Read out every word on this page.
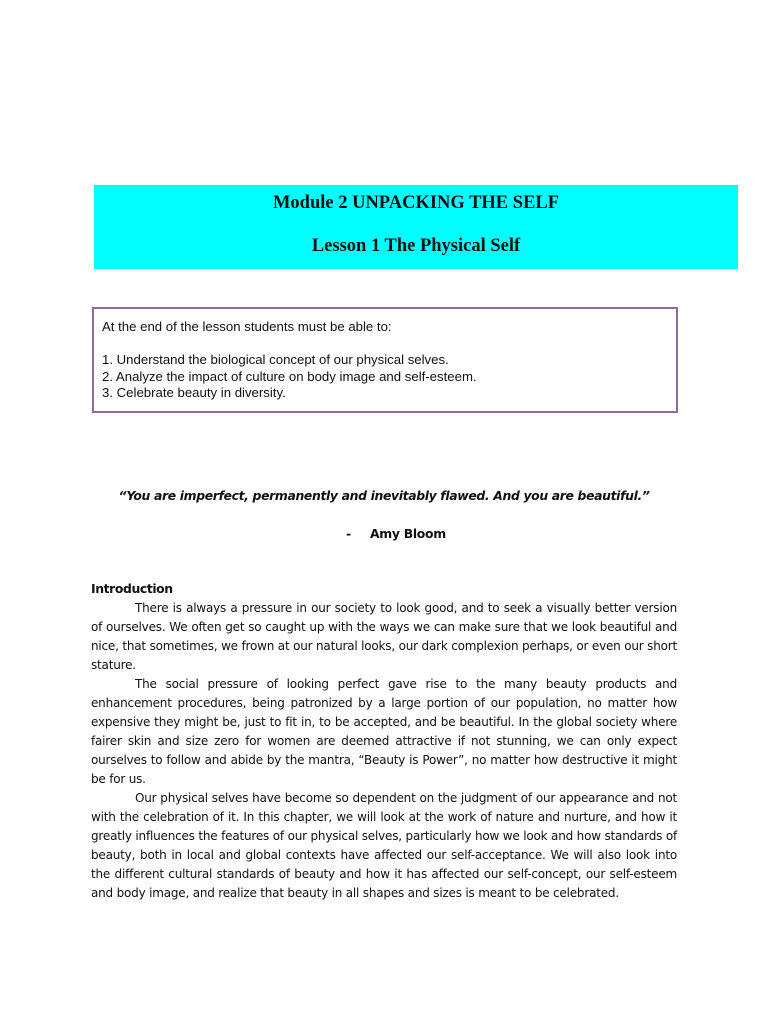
Module 2 UNPACKING THE SELF
Lesson 1 The Physical Self
At the end of the lesson students must be able to:
1. Understand the biological concept of our physical selves.
2. Analyze the impact of culture on body image and self-esteem.
3. Celebrate beauty in diversity.
“You are imperfect, permanently and inevitably flawed. And you are beautiful.”
- Amy Bloom
Introduction

There is always a pressure in our society to look good, and to seek a visually better version of ourselves. We often get so caught up with the ways we can make sure that we look beautiful and nice, that sometimes, we frown at our natural looks, our dark complexion perhaps, or even our short stature.

The social pressure of looking perfect gave rise to the many beauty products and enhancement procedures, being patronized by a large portion of our population, no matter how expensive they might be, just to fit in, to be accepted, and be beautiful. In the global society where fairer skin and size zero for women are deemed attractive if not stunning, we can only expect ourselves to follow and abide by the mantra, “Beauty is Power”, no matter how destructive it might be for us.

Our physical selves have become so dependent on the judgment of our appearance and not with the celebration of it. In this chapter, we will look at the work of nature and nurture, and how it greatly influences the features of our physical selves, particularly how we look and how standards of beauty, both in local and global contexts have affected our self-acceptance. We will also look into the different cultural standards of beauty and how it has affected our self-concept, our self-esteem and body image, and realize that beauty in all shapes and sizes is meant to be celebrated.
